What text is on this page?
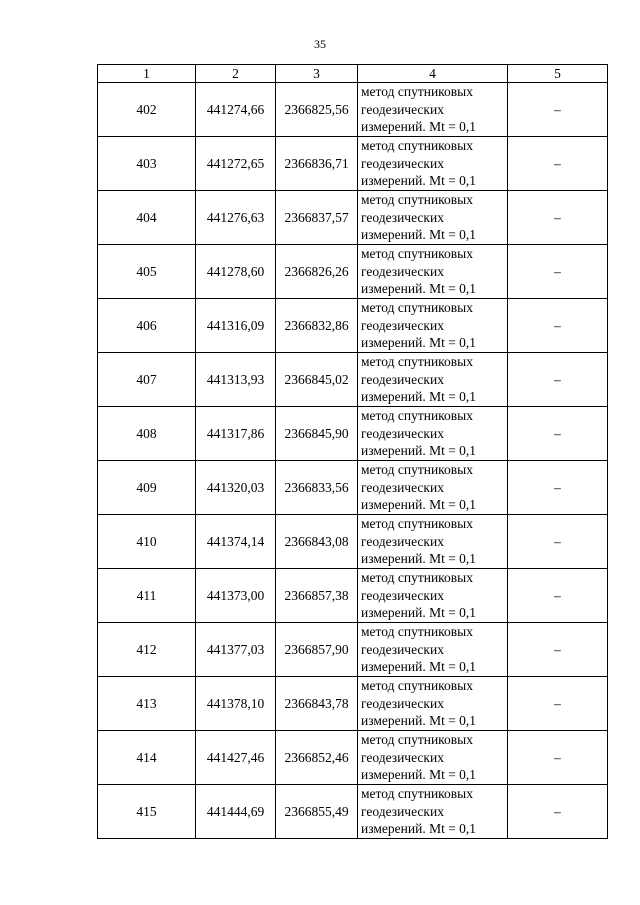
35
1	2	3	4	5
402	441274,66	2366825,56	метод спутниковых
геодезических
измерений. Mt = 0,1	–
403	441272,65	2366836,71	метод спутниковых
геодезических
измерений. Mt = 0,1	–
404	441276,63	2366837,57	метод спутниковых
геодезических
измерений. Mt = 0,1	–
405	441278,60	2366826,26	метод спутниковых
геодезических
измерений. Mt = 0,1	–
406	441316,09	2366832,86	метод спутниковых
геодезических
измерений. Mt = 0,1	–
407	441313,93	2366845,02	метод спутниковых
геодезических
измерений. Mt = 0,1	–
408	441317,86	2366845,90	метод спутниковых
геодезических
измерений. Mt = 0,1	–
409	441320,03	2366833,56	метод спутниковых
геодезических
измерений. Mt = 0,1	–
410	441374,14	2366843,08	метод спутниковых
геодезических
измерений. Mt = 0,1	–
411	441373,00	2366857,38	метод спутниковых
геодезических
измерений. Mt = 0,1	–
412	441377,03	2366857,90	метод спутниковых
геодезических
измерений. Mt = 0,1	–
413	441378,10	2366843,78	метод спутниковых
геодезических
измерений. Mt = 0,1	–
414	441427,46	2366852,46	метод спутниковых
геодезических
измерений. Mt = 0,1	–
415	441444,69	2366855,49	метод спутниковых
геодезических
измерений. Mt = 0,1	–
